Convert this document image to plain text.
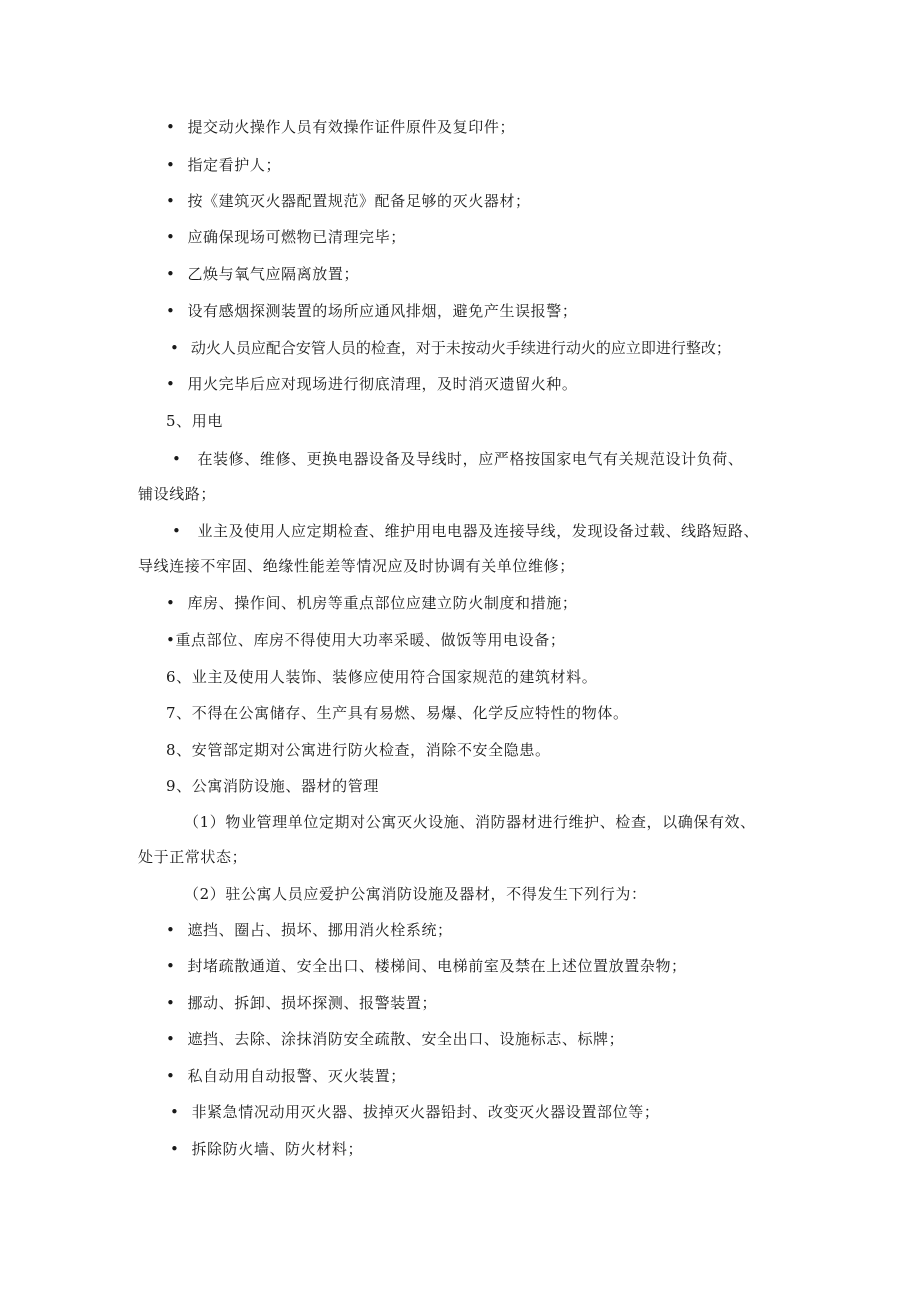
• 提交动火操作人员有效操作证件原件及复印件；
• 指定看护人；
• 按《建筑灭火器配置规范》配备足够的灭火器材；
• 应确保现场可燃物已清理完毕；
• 乙焕与氧气应隔离放置；
• 设有感烟探测装置的场所应通风排烟，避免产生误报警；
• 动火人员应配合安管人员的检查，对于未按动火手续进行动火的应立即进行整改；
• 用火完毕后应对现场进行彻底清理，及时消灭遗留火种。
5、用电
• 在装修、维修、更换电器设备及导线时，应严格按国家电气有关规范设计负荷、
铺设线路；
• 业主及使用人应定期检查、维护用电电器及连接导线，发现设备过载、线路短路、
导线连接不牢固、绝缘性能差等情况应及时协调有关单位维修；
• 库房、操作间、机房等重点部位应建立防火制度和措施；
•重点部位、库房不得使用大功率采暖、做饭等用电设备；
6、业主及使用人装饰、装修应使用符合国家规范的建筑材料。
7、不得在公寓储存、生产具有易燃、易爆、化学反应特性的物体。
8、安管部定期对公寓进行防火检查，消除不安全隐患。
9、公寓消防设施、器材的管理
（1）物业管理单位定期对公寓灭火设施、消防器材进行维护、检查，以确保有效、
处于正常状态；
（2）驻公寓人员应爱护公寓消防设施及器材，不得发生下列行为：
• 遮挡、圈占、损坏、挪用消火栓系统；
• 封堵疏散通道、安全出口、楼梯间、电梯前室及禁在上述位置放置杂物；
• 挪动、拆卸、损坏探测、报警装置；
• 遮挡、去除、涂抹消防安全疏散、安全出口、设施标志、标牌；
• 私自动用自动报警、灭火装置；
• 非紧急情况动用灭火器、拔掉灭火器铅封、改变灭火器设置部位等；
• 拆除防火墙、防火材料；
